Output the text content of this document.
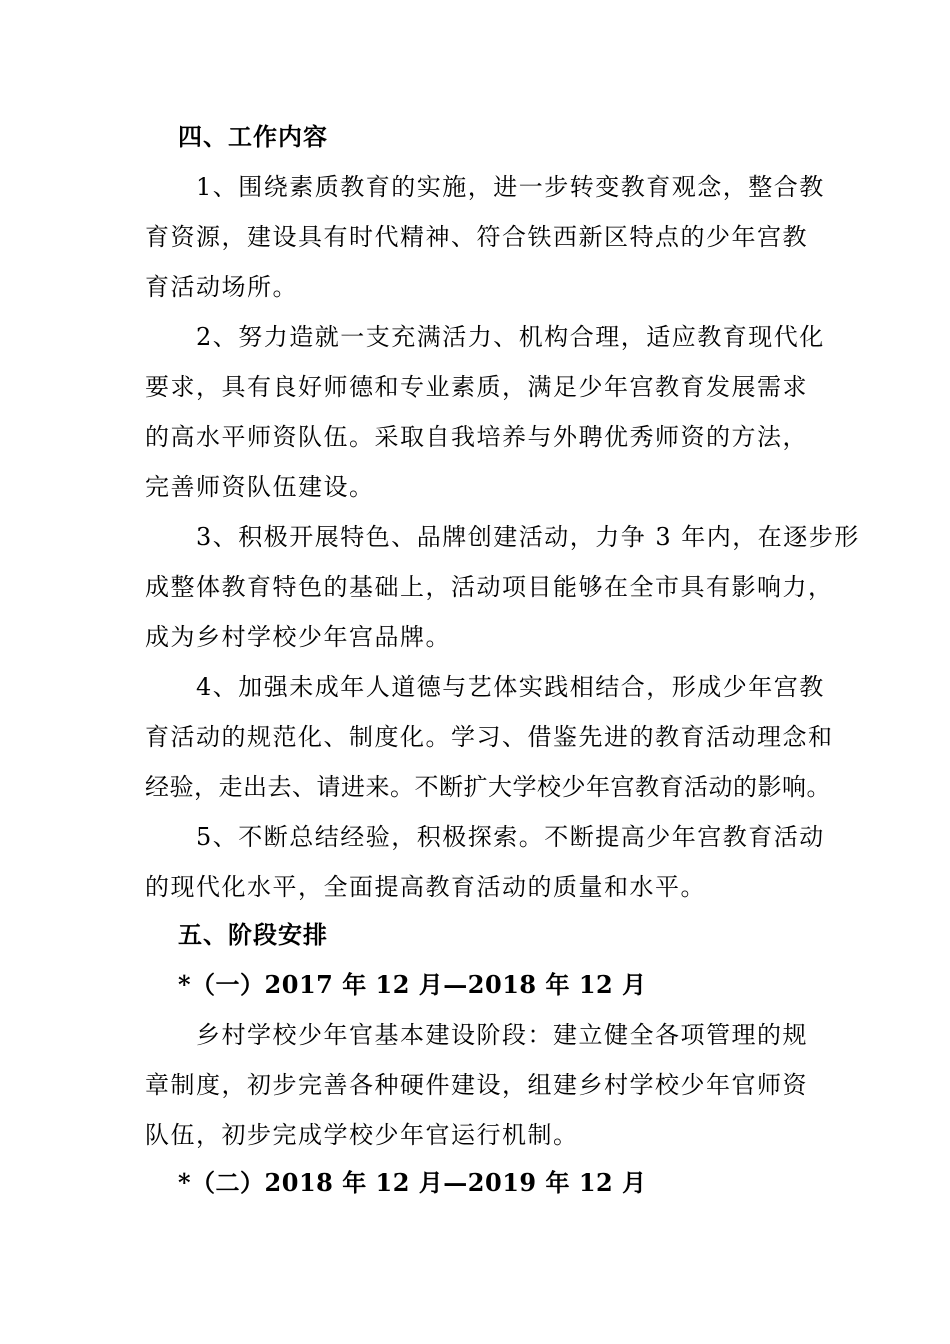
四、工作内容
1、围绕素质教育的实施，进一步转变教育观念，整合教
育资源，建设具有时代精神、符合铁西新区特点的少年宫教
育活动场所。
2、努力造就一支充满活力、机构合理，适应教育现代化
要求，具有良好师德和专业素质，满足少年宫教育发展需求
的高水平师资队伍。采取自我培养与外聘优秀师资的方法，
完善师资队伍建设。
3、积极开展特色、品牌创建活动，力争 3 年内，在逐步形
成整体教育特色的基础上，活动项目能够在全市具有影响力，
成为乡村学校少年宫品牌。
4、加强未成年人道德与艺体实践相结合，形成少年宫教
育活动的规范化、制度化。学习、借鉴先进的教育活动理念和
经验，走出去、请进来。不断扩大学校少年宫教育活动的影响。
5、不断总结经验，积极探索。不断提高少年宫教育活动
的现代化水平，全面提高教育活动的质量和水平。
五、阶段安排
*（一）2017 年 12 月—2018 年 12 月
乡村学校少年官基本建设阶段：建立健全各项管理的规
章制度，初步完善各种硬件建设，组建乡村学校少年官师资
队伍，初步完成学校少年官运行机制。
*（二）2018 年 12 月—2019 年 12 月
